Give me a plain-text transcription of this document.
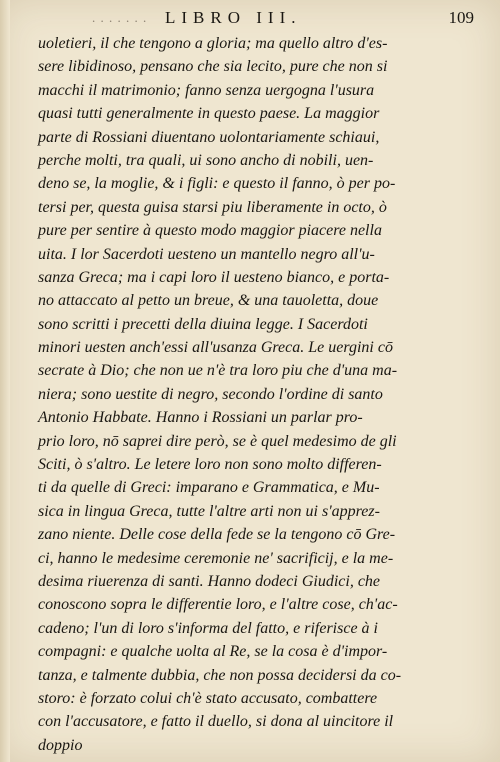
. . . . . . . LIBRO III.	109
uoletieri, il che tengono a gloria; ma quello altro d'es-
sere libidinoso, pensano che sia lecito, pure che non si
macchi il matrimonio; fanno senza uergogna l'usura
quasi tutti generalmente in questo paese. La maggior
parte di Rossiani diuentano uolontariamente schiaui,
perche molti, tra quali, ui sono ancho di nobili, uen-
deno se, la moglie, & i figli: e questo il fanno, ò per po-
tersi per, questa guisa starsi piu liberamente in octo, ò
pure per sentire à questo modo maggior piacere nella
uita. I lor Sacerdoti uesteno un mantello negro all'u-
sanza Greca; ma i capi loro il uesteno bianco, e porta-
no attaccato al petto un breue, & una tauoletta, doue
sono scritti i precetti della diuina legge. I Sacerdoti
minori uesten anch'essi all'usanza Greca. Le uergini cō
secrate à Dio; che non ue n'è tra loro piu che d'una ma-
niera; sono uestite di negro, secondo l'ordine di santo
Antonio Habbate. Hanno i Rossiani un parlar pro-
prio loro, nō saprei dire però, se è quel medesimo de gli
Sciti, ò s'altro. Le letere loro non sono molto differen-
ti da quelle di Greci: imparano e Grammatica, e Mu-
sica in lingua Greca, tutte l'altre arti non ui s'apprez-
zano niente. Delle cose della fede se la tengono cō Gre-
ci, hanno le medesime ceremonie ne' sacrificij, e la me-
desima riuerenza di santi. Hanno dodeci Giudici, che
conoscono sopra le differentie loro, e l'altre cose, ch'ac-
cadeno; l'un di loro s'informa del fatto, e riferisce à i
compagni: e qualche uolta al Re, se la cosa è d'impor-
tanza, e talmente dubbia, che non possa decidersi da co-
storo: è forzato colui ch'è stato accusato, combattere
con l'accusatore, e fatto il duello, si dona al uincitore il
doppio
